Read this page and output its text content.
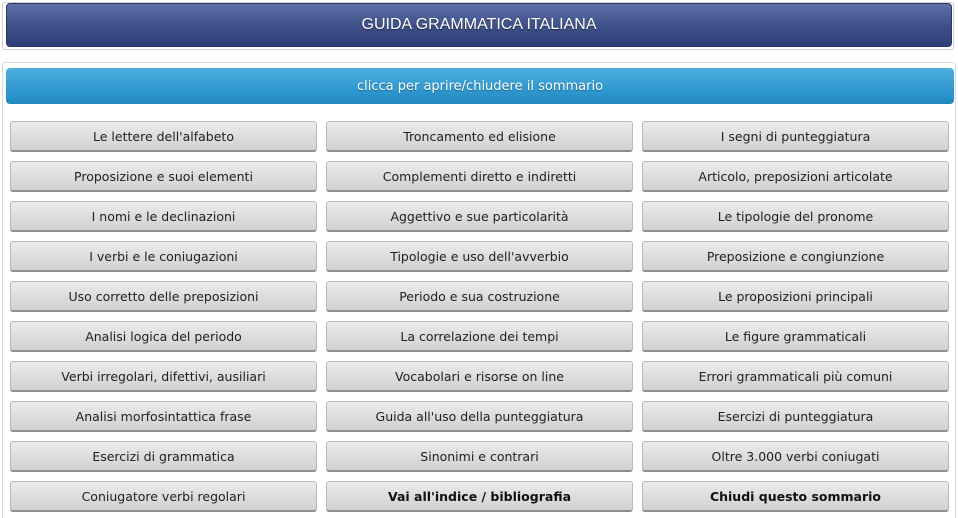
GUIDA GRAMMATICA ITALIANA
clicca per aprire/chiudere il sommario
Le lettere dell'alfabeto	Troncamento ed elisione	I segni di punteggiatura
Proposizione e suoi elementi	Complementi diretto e indiretti	Articolo, preposizioni articolate
I nomi e le declinazioni	Aggettivo e sue particolarità	Le tipologie del pronome
I verbi e le coniugazioni	Tipologie e uso dell'avverbio	Preposizione e congiunzione
Uso corretto delle preposizioni	Periodo e sua costruzione	Le proposizioni principali
Analisi logica del periodo	La correlazione dei tempi	Le figure grammaticali
Verbi irregolari, difettivi, ausiliari	Vocabolari e risorse on line	Errori grammaticali più comuni
Analisi morfosintattica frase	Guida all'uso della punteggiatura	Esercizi di punteggiatura
Esercizi di grammatica	Sinonimi e contrari	Oltre 3.000 verbi coniugati
Coniugatore verbi regolari	Vai all'indice / bibliografia	Chiudi questo sommario
